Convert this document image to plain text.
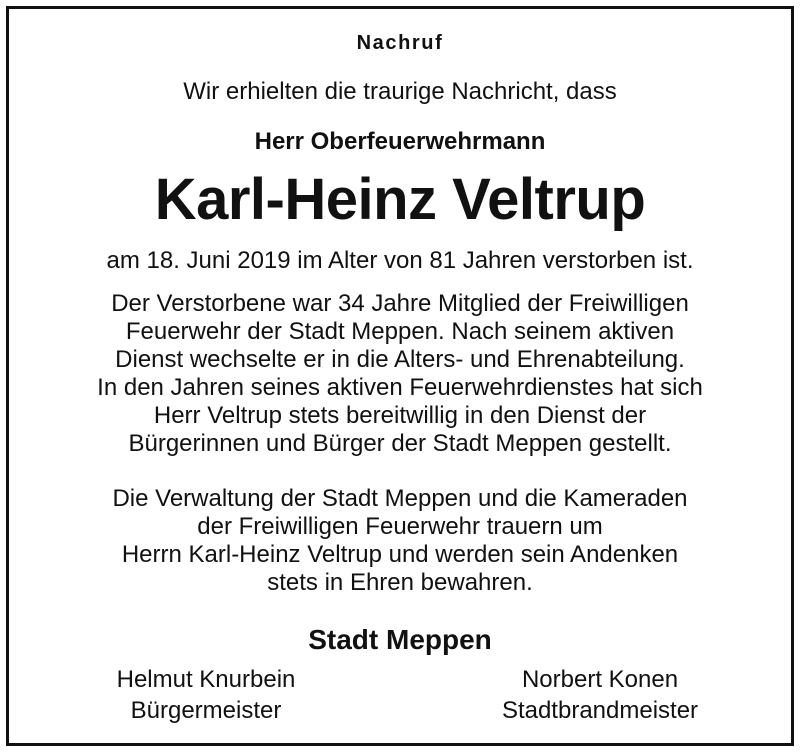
Nachruf

Wir erhielten die traurige Nachricht, dass

Herr Oberfeuerwehrmann

Karl-Heinz Veltrup

am 18. Juni 2019 im Alter von 81 Jahren verstorben ist.

Der Verstorbene war 34 Jahre Mitglied der Freiwilligen

Feuerwehr der Stadt Meppen. Nach seinem aktiven

Dienst wechselte er in die Alters- und Ehrenabteilung.

In den Jahren seines aktiven Feuerwehrdienstes hat sich

Herr Veltrup stets bereitwillig in den Dienst der

Bürgerinnen und Bürger der Stadt Meppen gestellt.

Die Verwaltung der Stadt Meppen und die Kameraden

der Freiwilligen Feuerwehr trauern um

Herrn Karl-Heinz Veltrup und werden sein Andenken

stets in Ehren bewahren.

Stadt Meppen

Helmut Knurbein
Bürgermeister
Norbert Konen
Stadtbrandmeister
